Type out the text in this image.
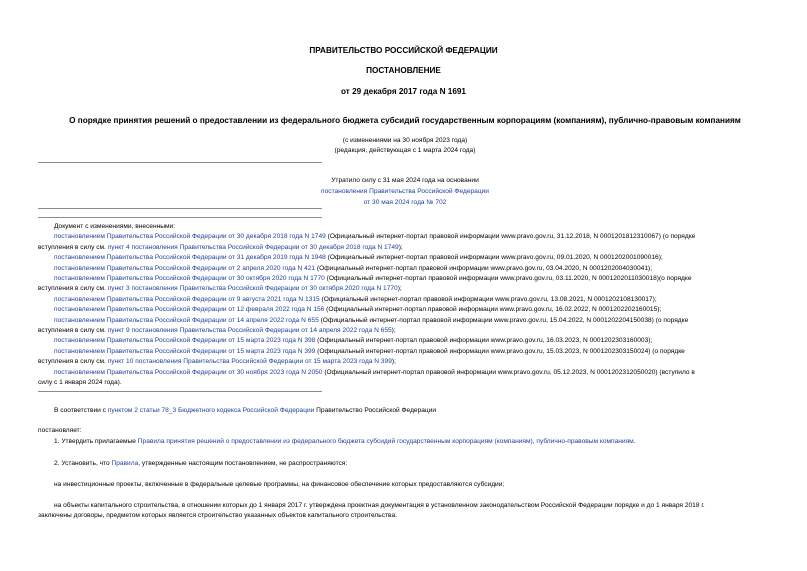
ПРАВИТЕЛЬСТВО РОССИЙСКОЙ ФЕДЕРАЦИИ
ПОСТАНОВЛЕНИЕ
от 29 декабря 2017 года N 1691
О порядке принятия решений о предоставлении из федерального бюджета субсидий государственным корпорациям (компаниям), публично-правовым компаниям
(с изменениями на 30 ноября 2023 года)
(редакция, действующая с 1 марта 2024 года)
Утратило силу с 31 мая 2024 года на основании
постановления Правительства Российской Федерации
от 30 мая 2024 года № 702
Документ с изменениями, внесенными:
постановлением Правительства Российской Федерации от 30 декабря 2018 года N 1749 (Официальный интернет-портал правовой информации www.pravo.gov.ru, 31.12.2018, N 0001201812310067) (о порядке
вступления в силу см. пункт 4 постановления Правительства Российской Федерации от 30 декабря 2018 года N 1749);
постановлением Правительства Российской Федерации от 31 декабря 2019 года N 1948 (Официальный интернет-портал правовой информации www.pravo.gov.ru, 09.01.2020, N 0001202001090016);
постановлением Правительства Российской Федерации от 2 апреля 2020 года N 421 (Официальный интернет-портал правовой информации www.pravo.gov.ru, 03.04.2020, N 0001202004030041);
постановлением Правительства Российской Федерации от 30 октября 2020 года N 1770 (Официальный интернет-портал правовой информации www.pravo.gov.ru, 03.11.2020, N 0001202011030018)(о порядке
вступления в силу см. пункт 3 постановления Правительства Российской Федерации от 30 октября 2020 года N 1770);
постановлением Правительства Российской Федерации от 9 августа 2021 года N 1315 (Официальный интернет-портал правовой информации www.pravo.gov.ru, 13.08.2021, N 0001202108130017);
постановлением Правительства Российской Федерации от 12 февраля 2022 года N 156 (Официальный интернет-портал правовой информации www.pravo.gov.ru, 16.02.2022, N 0001202202160015);
постановлением Правительства Российской Федерации от 14 апреля 2022 года N 655 (Официальный интернет-портал правовой информации www.pravo.gov.ru, 15.04.2022, N 0001202204150038) (о порядке
вступления в силу см. пункт 9 постановления Правительства Российской Федерации от 14 апреля 2022 года N 655);
постановлением Правительства Российской Федерации от 15 марта 2023 года N 398 (Официальный интернет-портал правовой информации www.pravo.gov.ru, 16.03.2023, N 0001202303160003);
постановлением Правительства Российской Федерации от 15 марта 2023 года N 399 (Официальный интернет-портал правовой информации www.pravo.gov.ru, 15.03.2023, N 0001202303150024) (о порядке
вступления в силу см. пункт 10 постановления Правительства Российской Федерации от 15 марта 2023 года N 399);
постановлением Правительства Российской Федерации от 30 ноября 2023 года N 2050 (Официальный интернет-портал правовой информации www.pravo.gov.ru, 05.12.2023, N 0001202312050020) (вступило в
силу с 1 января 2024 года).
В соответствии с пунктом 2 статьи 78_3 Бюджетного кодекса Российской Федерации Правительство Российской Федерации
постановляет:
1. Утвердить прилагаемые Правила принятия решений о предоставлении из федерального бюджета субсидий государственным корпорациям (компаниям), публично-правовым компаниям.
2. Установить, что Правила, утвержденные настоящим постановлением, не распространяются:
на инвестиционные проекты, включенные в федеральные целевые программы, на финансовое обеспечение которых предоставляются субсидии;
на объекты капитального строительства, в отношении которых до 1 января 2017 г. утверждена проектная документация в установленном законодательством Российской Федерации порядке и до 1 января 2018 г.
заключены договоры, предметом которых является строительство указанных объектов капитального строительства.
